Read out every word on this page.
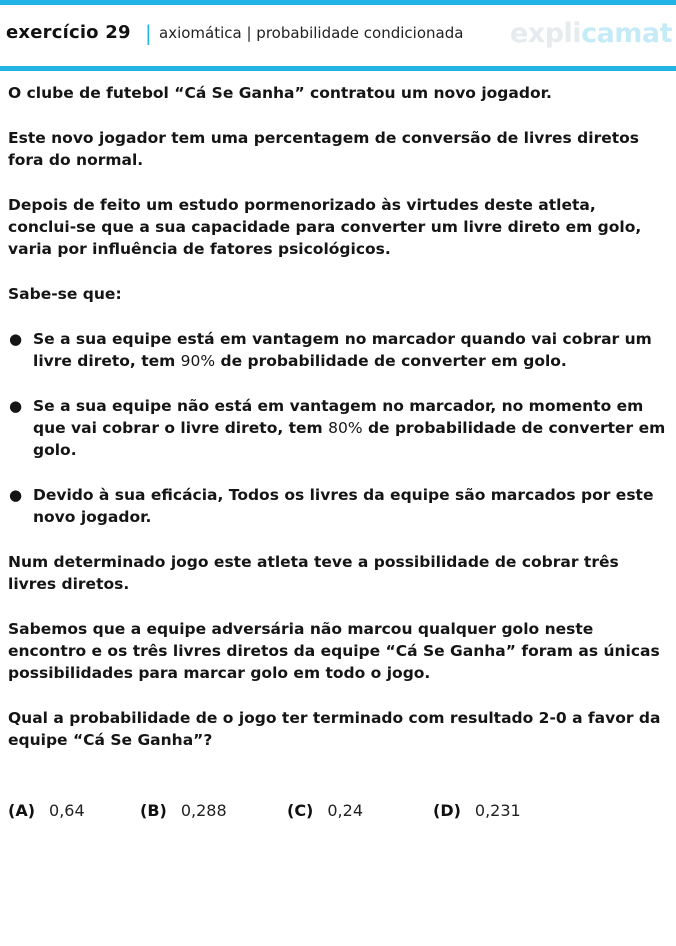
exercício 29 | axiomática | probabilidade condicionada explicamat

O clube de futebol “Cá Se Ganha” contratou um novo jogador.

Este novo jogador tem uma percentagem de conversão de livres diretos fora do normal.

Depois de feito um estudo pormenorizado às virtudes deste atleta, conclui-se que a sua capacidade para converter um livre direto em golo, varia por influência de fatores psicológicos.

Sabe-se que:

● Se a sua equipe está em vantagem no marcador quando vai cobrar um livre direto, tem 90% de probabilidade de converter em golo.
● Se a sua equipe não está em vantagem no marcador, no momento em que vai cobrar o livre direto, tem 80% de probabilidade de converter em golo.
● Devido à sua eficácia, Todos os livres da equipe são marcados por este novo jogador.

Num determinado jogo este atleta teve a possibilidade de cobrar três livres diretos.

Sabemos que a equipe adversária não marcou qualquer golo neste encontro e os três livres diretos da equipe “Cá Se Ganha” foram as únicas possibilidades para marcar golo em todo o jogo.

Qual a probabilidade de o jogo ter terminado com resultado 2-0 a favor da equipe “Cá Se Ganha”?

(A) 0,64	(B) 0,288	(C) 0,24	(D) 0,231
